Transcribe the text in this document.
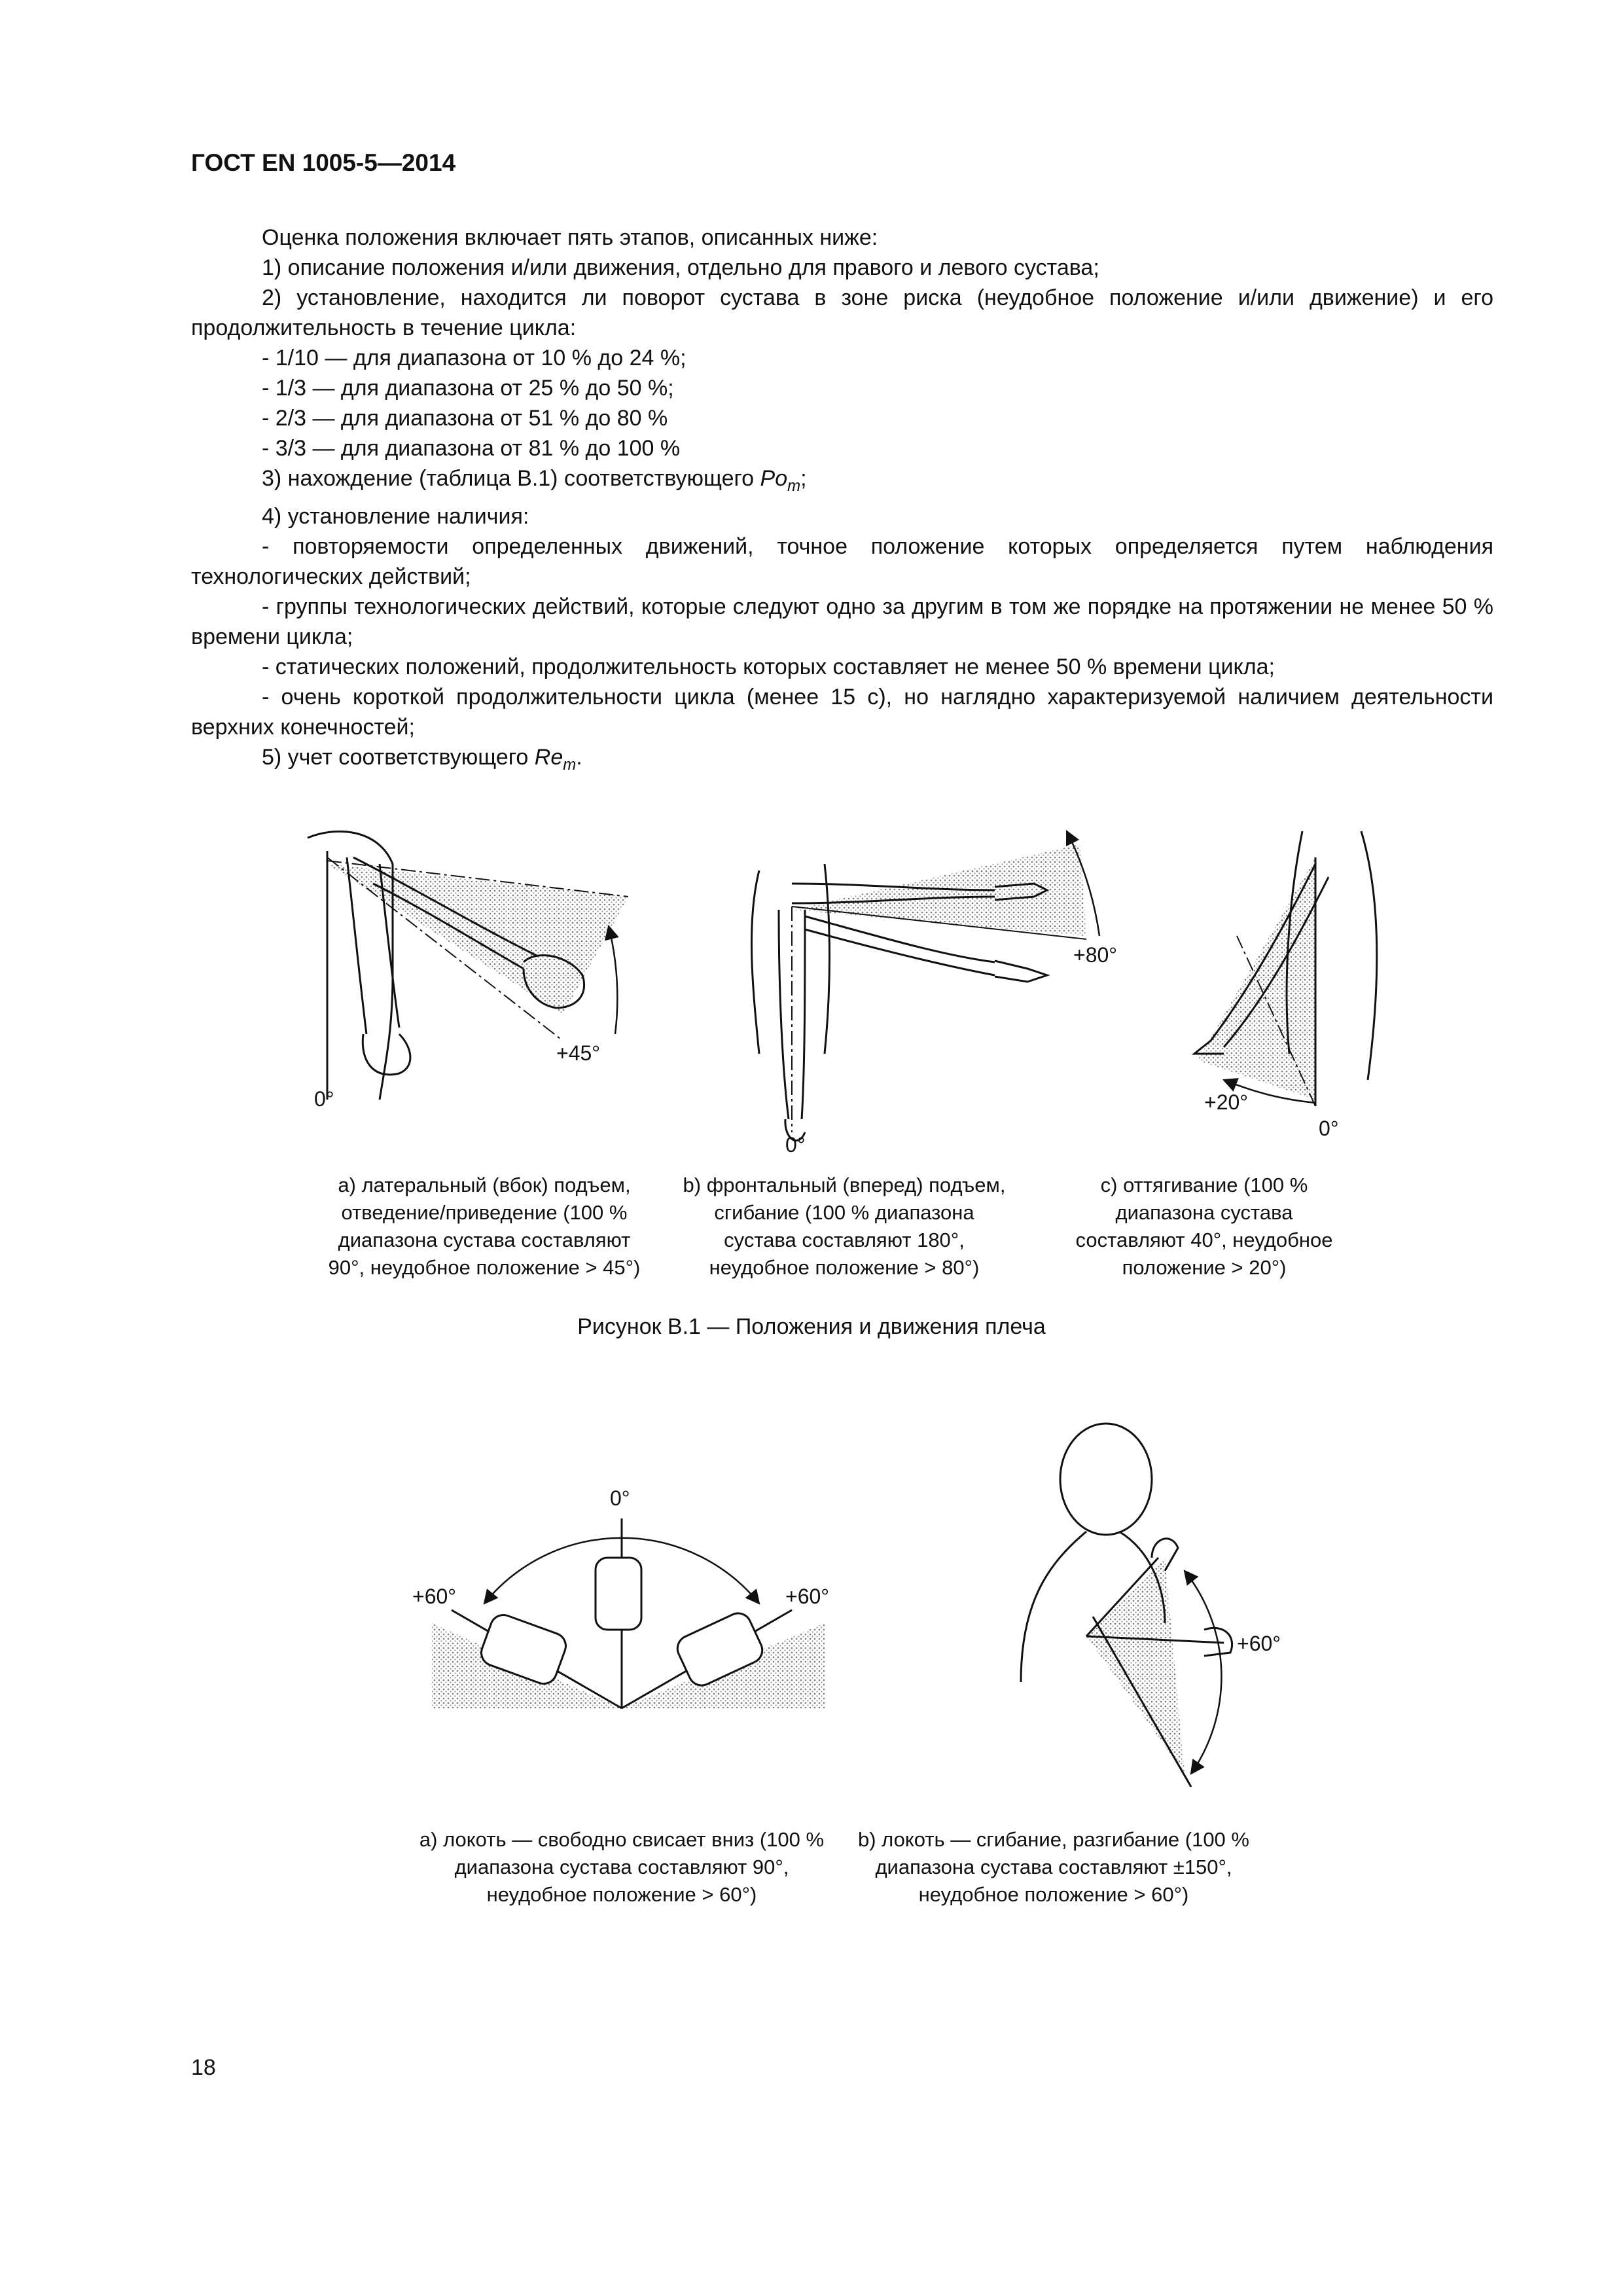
ГОСТ EN 1005-5—2014

Оценка положения включает пять этапов, описанных ниже:

1) описание положения и/или движения, отдельно для правого и левого сустава;

2) установление, находится ли поворот сустава в зоне риска (неудобное положение и/или движение) и его продолжительность в течение цикла:

- 1/10 — для диапазона от 10 % до 24 %;

- 1/3 — для диапазона от 25 % до 50 %;

- 2/3 — для диапазона от 51 % до 80 %

- 3/3 — для диапазона от 81 % до 100 %

3) нахождение (таблица В.1) соответствующего $Po_m$;

4) установление наличия:

- повторяемости определенных движений, точное положение которых определяется путем наблюдения технологических действий;

- группы технологических действий, которые следуют одно за другим в том же порядке на протяжении не менее 50 % времени цикла;

- статических положений, продолжительность которых составляет не менее 50 % времени цикла;

- очень короткой продолжительности цикла (менее 15 с), но наглядно характеризуемой наличием деятельности верхних конечностей;

5) учет соответствующего $Re_m$.

0°
+45°
0°
+80°
+20°
0°
а) латеральный (вбок) подъем, отведение/приведение (100 % диапазона сустава составляют 90°, неудобное положение > 45°)
b) фронтальный (вперед) подъем, сгибание (100 % диапазона сустава составляют 180°, неудобное положение > 80°)
c) оттягивание (100 % диапазона сустава составляют 40°, неудобное положение > 20°)
Рисунок В.1 — Положения и движения плеча
0°
+60°	+60°
+60°
а) локоть — свободно свисает вниз (100 % диапазона сустава составляют 90°, неудобное положение > 60°)
b) локоть — сгибание, разгибание (100 % диапазона сустава составляют ±150°, неудобное положение > 60°)
18
